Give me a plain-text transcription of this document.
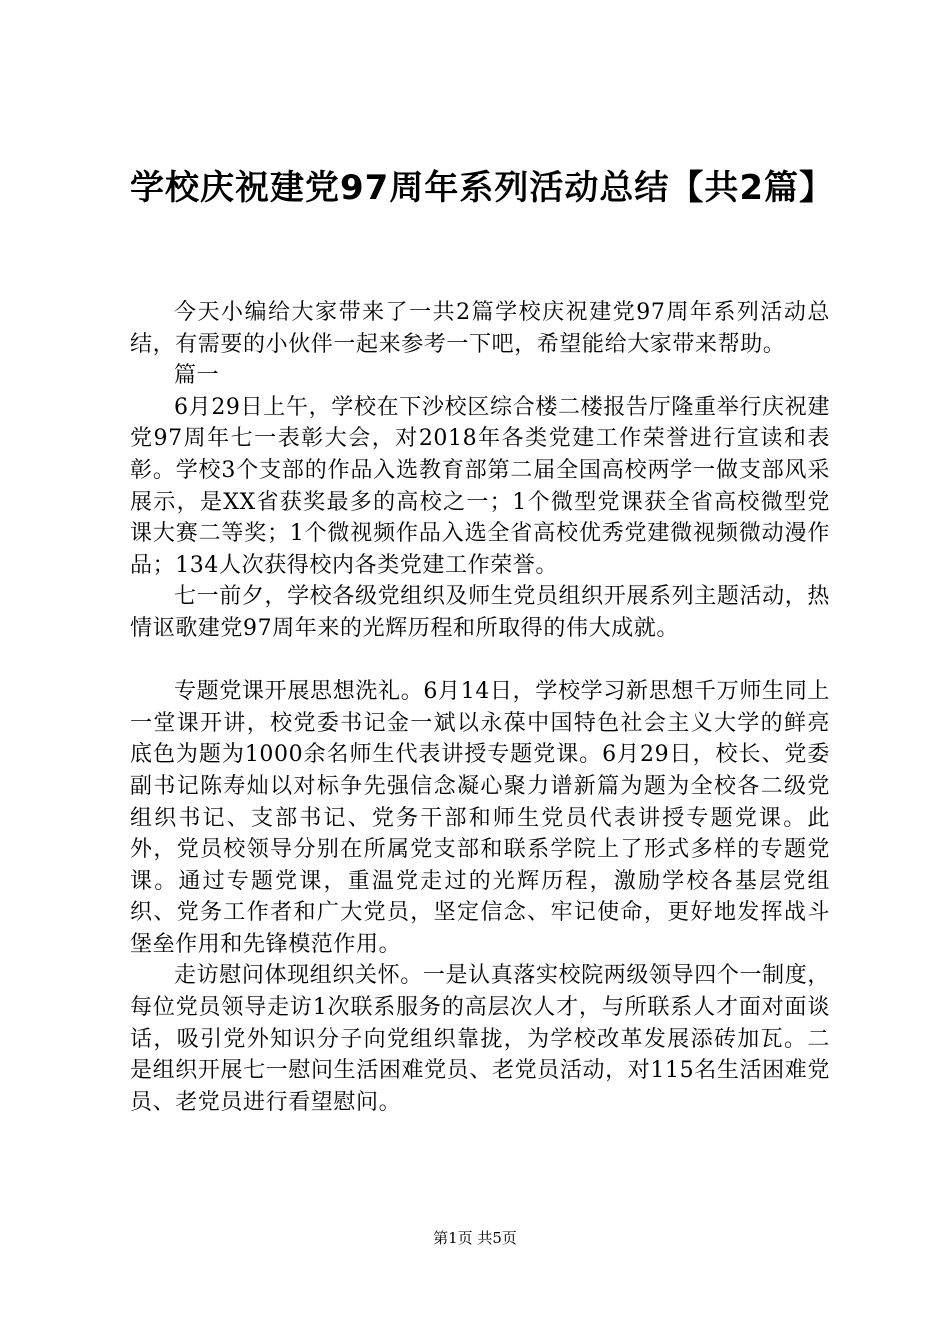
学校庆祝建党97周年系列活动总结【共2篇】

今天小编给大家带来了一共2篇学校庆祝建党97周年系列活动总结，有需要的小伙伴一起来参考一下吧，希望能给大家带来帮助。

篇一

6月29日上午，学校在下沙校区综合楼二楼报告厅隆重举行庆祝建党97周年七一表彰大会，对2018年各类党建工作荣誉进行宣读和表彰。学校3个支部的作品入选教育部第二届全国高校两学一做支部风采展示，是XX省获奖最多的高校之一；1个微型党课获全省高校微型党课大赛二等奖；1个微视频作品入选全省高校优秀党建微视频微动漫作品；134人次获得校内各类党建工作荣誉。

七一前夕，学校各级党组织及师生党员组织开展系列主题活动，热情讴歌建党97周年来的光辉历程和所取得的伟大成就。

专题党课开展思想洗礼。6月14日，学校学习新思想千万师生同上一堂课开讲，校党委书记金一斌以永葆中国特色社会主义大学的鲜亮底色为题为1000余名师生代表讲授专题党课。6月29日，校长、党委副书记陈寿灿以对标争先强信念凝心聚力谱新篇为题为全校各二级党组织书记、支部书记、党务干部和师生党员代表讲授专题党课。此外，党员校领导分别在所属党支部和联系学院上了形式多样的专题党课。通过专题党课，重温党走过的光辉历程，激励学校各基层党组织、党务工作者和广大党员，坚定信念、牢记使命，更好地发挥战斗堡垒作用和先锋模范作用。

走访慰问体现组织关怀。一是认真落实校院两级领导四个一制度，每位党员领导走访1次联系服务的高层次人才，与所联系人才面对面谈话，吸引党外知识分子向党组织靠拢，为学校改革发展添砖加瓦。二是组织开展七一慰问生活困难党员、老党员活动，对115名生活困难党员、老党员进行看望慰问。

第1页 共5页
